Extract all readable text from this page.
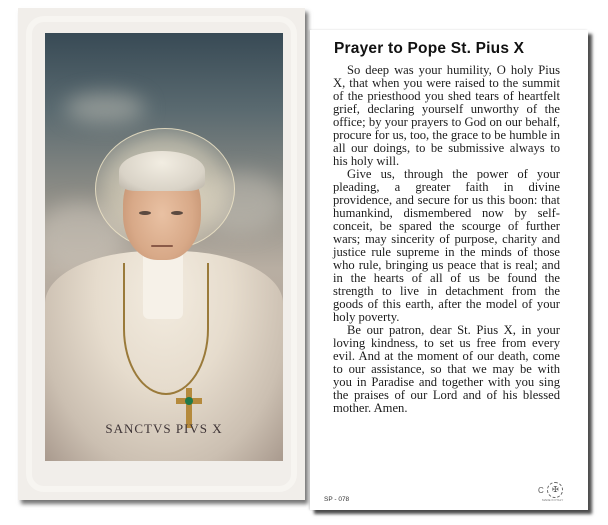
SANCTVS PIVS X
Prayer to Pope St. Pius X

So deep was your humility, O holy Pius X, that when you were raised to the summit of the priesthood you shed tears of heartfelt grief, declaring yourself unworthy of the office; by your prayers to God on our behalf, procure for us, too, the grace to be humble in all our doings, to be submissive always to his holy will.

Give us, through the power of your pleading, a greater faith in divine providence, and secure for us this boon: that humankind, dismembered now by self-conceit, be spared the scourge of further wars; may sincerity of purpose, charity and justice rule supreme in the minds of those who rule, bringing us peace that is real; and in the hearts of all of us be found the strength to live in detachment from the goods of this earth, after the model of your holy poverty.

Be our patron, dear St. Pius X, in your loving kindness, to set us free from every evil. And at the moment of our death, come to our assistance, so that we may be with you in Paradise and together with you sing the praises of our Lord and of his blessed mother. Amen.

SP - 078
C ✠
MADE IN ITALY
